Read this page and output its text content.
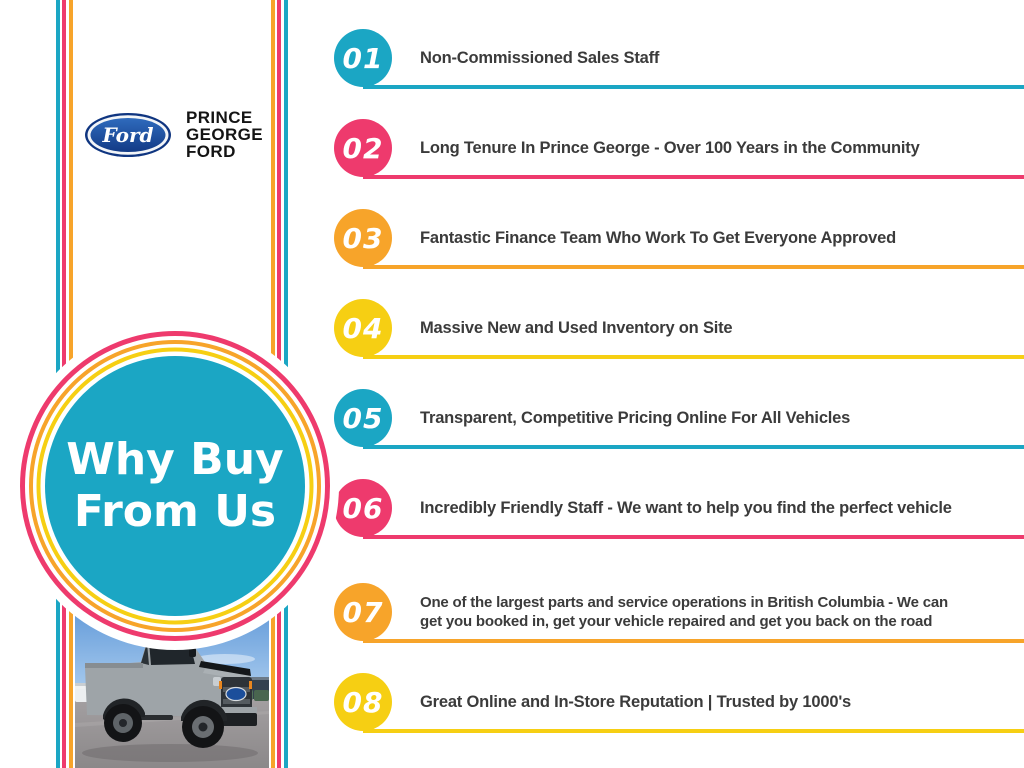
Ford
PRINCE
GEORGE
FORD
Why Buy
From Us
01 Non-Commissioned Sales Staff
02 Long Tenure In Prince George - Over 100 Years in the Community
03 Fantastic Finance Team Who Work To Get Everyone Approved
04 Massive New and Used Inventory on Site
05 Transparent, Competitive Pricing Online For All Vehicles
06 Incredibly Friendly Staff - We want to help you find the perfect vehicle
07 One of the largest parts and service operations in British Columbia - We can
get you booked in, get your vehicle repaired and get you back on the road
08 Great Online and In-Store Reputation | Trusted by 1000's
